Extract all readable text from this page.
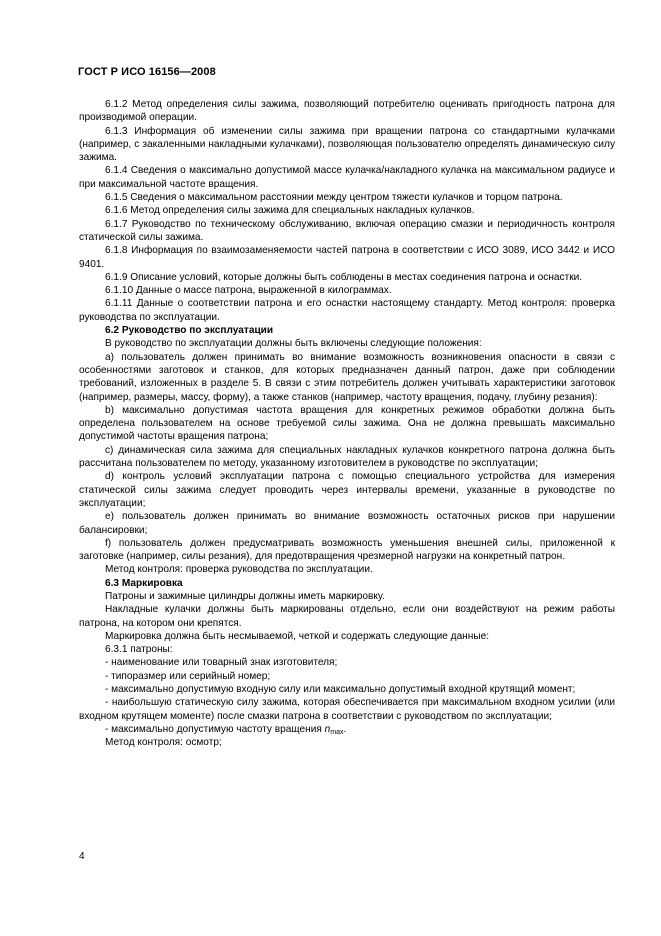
ГОСТ Р ИСО 16156—2008

6.1.2 Метод определения силы зажима, позволяющий потребителю оценивать пригодность патрона для производимой операции.

6.1.3 Информация об изменении силы зажима при вращении патрона со стандартными кулачками (например, с закаленными накладными кулачками), позволяющая пользователю определять динамическую силу зажима.

6.1.4 Сведения о максимально допустимой массе кулачка/накладного кулачка на максимальном радиусе и при максимальной частоте вращения.

6.1.5 Сведения о максимальном расстоянии между центром тяжести кулачков и торцом патрона.

6.1.6 Метод определения силы зажима для специальных накладных кулачков.

6.1.7 Руководство по техническому обслуживанию, включая операцию смазки и периодичность контроля статической силы зажима.

6.1.8 Информация по взаимозаменяемости частей патрона в соответствии с ИСО 3089, ИСО 3442 и ИСО 9401.

6.1.9 Описание условий, которые должны быть соблюдены в местах соединения патрона и оснастки.

6.1.10 Данные о массе патрона, выраженной в килограммах.

6.1.11 Данные о соответствии патрона и его оснастки настоящему стандарту. Метод контроля: проверка руководства по эксплуатации.

6.2 Руководство по эксплуатации

В руководство по эксплуатации должны быть включены следующие положения:

а) пользователь должен принимать во внимание возможность возникновения опасности в связи с особенностями заготовок и станков, для которых предназначен данный патрон, даже при соблюдении требований, изложенных в разделе 5. В связи с этим потребитель должен учитывать характеристики заготовок (например, размеры, массу, форму), а также станков (например, частоту вращения, подачу, глубину резания):

b) максимально допустимая частота вращения для конкретных режимов обработки должна быть определена пользователем на основе требуемой силы зажима. Она не должна превышать максимально допустимой частоты вращения патрона;

c) динамическая сила зажима для специальных накладных кулачков конкретного патрона должна быть рассчитана пользователем по методу, указанному изготовителем в руководстве по эксплуатации;

d) контроль условий эксплуатации патрона с помощью специального устройства для измерения статической силы зажима следует проводить через интервалы времени, указанные в руководстве по эксплуатации;

e) пользователь должен принимать во внимание возможность остаточных рисков при нарушении балансировки;

f) пользователь должен предусматривать возможность уменьшения внешней силы, приложенной к заготовке (например, силы резания), для предотвращения чрезмерной нагрузки на конкретный патрон.

Метод контроля: проверка руководства по эксплуатации.

6.3 Маркировка

Патроны и зажимные цилиндры должны иметь маркировку.

Накладные кулачки должны быть маркированы отдельно, если они воздействуют на режим работы патрона, на котором они крепятся.

Маркировка должна быть несмываемой, четкой и содержать следующие данные:

6.3.1 патроны:

- наименование или товарный знак изготовителя;

- типоразмер или серийный номер;

- максимально допустимую входную силу или максимально допустимый входной крутящий момент;

- наибольшую статическую силу зажима, которая обеспечивается при максимальном входном усилии (или входном крутящем моменте) после смазки патрона в соответствии с руководством по эксплуатации;

- максимально допустимую частоту вращения $n_{max}$.

Метод контроля: осмотр;

4
